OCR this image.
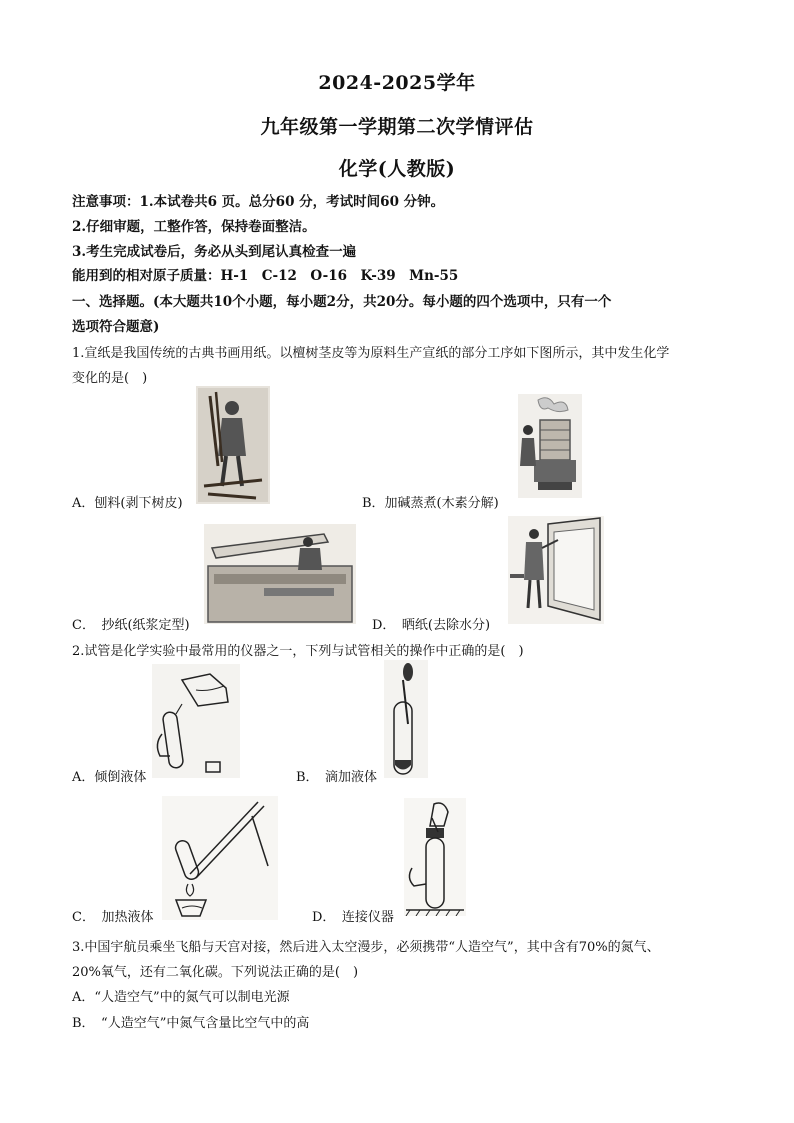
2024-2025学年
九年级第一学期第二次学情评估
化学(人教版)
注意事项：1.本试卷共6 页。总分60 分，考试时间60 分钟。
2.仔细审题，工整作答，保持卷面整洁。
3.考生完成试卷后，务必从头到尾认真检查一遍
能用到的相对原子质量：H-1　C-12　O-16　K-39　Mn-55
一、选择题。(本大题共10个小题，每小题2分，共20分。每小题的四个选项中，只有一个
选项符合题意)
1.宣纸是我国传统的古典书画用纸。以檀树茎皮等为原料生产宣纸的部分工序如下图所示，其中发生化学
变化的是(　)
A．刨料(剥下树皮)	B．加碱蒸煮(木素分解)
C．　抄纸(纸浆定型)	D．　晒纸(去除水分)
2.试管是化学实验中最常用的仪器之一，下列与试管相关的操作中正确的是(　)
A．倾倒液体	B．　滴加液体
C．　加热液体	D．　连接仪器
3.中国宇航员乘坐飞船与天宫对接，然后进入太空漫步，必须携带“人造空气”，其中含有70%的氮气、
20%氧气，还有二氧化碳。下列说法正确的是(　)
A．“人造空气”中的氮气可以制电光源
B．　“人造空气”中氮气含量比空气中的高
